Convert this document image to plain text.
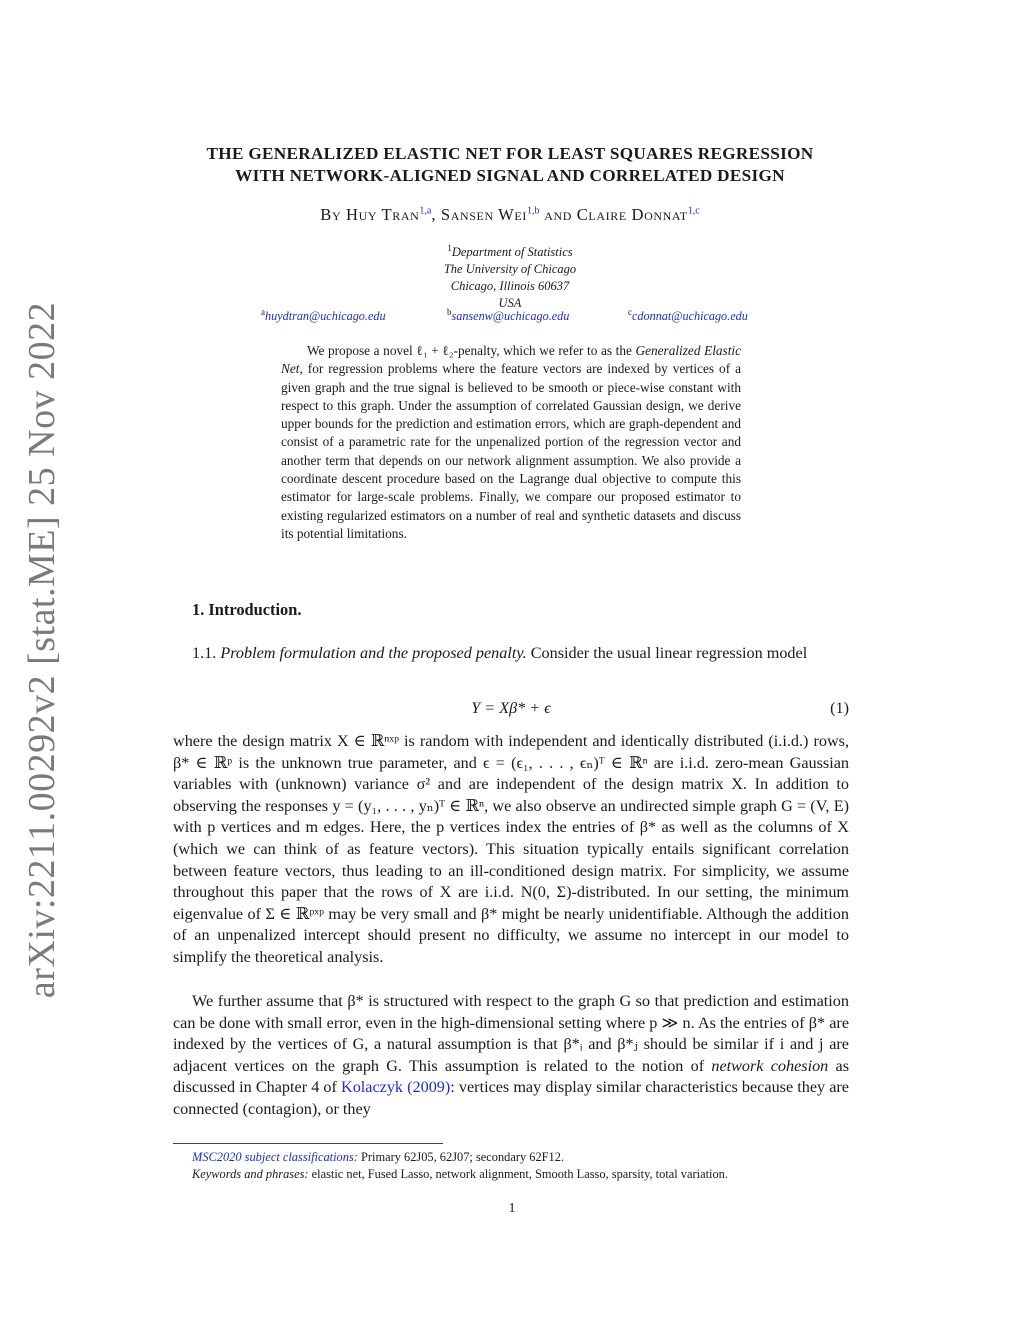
arXiv:2211.00292v2 [stat.ME] 25 Nov 2022
THE GENERALIZED ELASTIC NET FOR LEAST SQUARES REGRESSION
WITH NETWORK-ALIGNED SIGNAL AND CORRELATED DESIGN
By Huy Tran$^{1,a}$, Sansen Wei$^{1,b}$ and Claire Donnat$^{1,c}$
$^1$Department of Statistics
The University of Chicago
Chicago, Illinois 60637
USA
$^a$huydtran@uchicago.edu	$^b$sansenw@uchicago.edu	$^c$cdonnat@uchicago.edu
We propose a novel ℓ₁ + ℓ₂-penalty, which we refer to as the Generalized Elastic Net, for regression problems where the feature vectors are indexed by vertices of a given graph and the true signal is believed to be smooth or piece-wise constant with respect to this graph. Under the assumption of correlated Gaussian design, we derive upper bounds for the prediction and estimation errors, which are graph-dependent and consist of a parametric rate for the unpenalized portion of the regression vector and another term that depends on our network alignment assumption. We also provide a coordinate descent procedure based on the Lagrange dual objective to compute this estimator for large-scale problems. Finally, we compare our proposed estimator to existing regularized estimators on a number of real and synthetic datasets and discuss its potential limitations.
1. Introduction.
1.1. Problem formulation and the proposed penalty. Consider the usual linear regression model
Y = Xβ* + ϵ	(1)
where the design matrix X ∈ ℝⁿˣᵖ is random with independent and identically distributed (i.i.d.) rows, β* ∈ ℝᵖ is the unknown true parameter, and ϵ = (ϵ₁, . . . , ϵₙ)ᵀ ∈ ℝⁿ are i.i.d. zero-mean Gaussian variables with (unknown) variance σ² and are independent of the design matrix X. In addition to observing the responses y = (y₁, . . . , yₙ)ᵀ ∈ ℝⁿ, we also observe an undirected simple graph G = (V, E) with p vertices and m edges. Here, the p vertices index the entries of β* as well as the columns of X (which we can think of as feature vectors). This situation typically entails significant correlation between feature vectors, thus leading to an ill-conditioned design matrix. For simplicity, we assume throughout this paper that the rows of X are i.i.d. N(0, Σ)-distributed. In our setting, the minimum eigenvalue of Σ ∈ ℝᵖˣᵖ may be very small and β* might be nearly unidentifiable. Although the addition of an unpenalized intercept should present no difficulty, we assume no intercept in our model to simplify the theoretical analysis.
We further assume that β* is structured with respect to the graph G so that prediction and estimation can be done with small error, even in the high-dimensional setting where p ≫ n. As the entries of β* are indexed by the vertices of G, a natural assumption is that β*ᵢ and β*ⱼ should be similar if i and j are adjacent vertices on the graph G. This assumption is related to the notion of network cohesion as discussed in Chapter 4 of Kolaczyk (2009): vertices may display similar characteristics because they are connected (contagion), or they
MSC2020 subject classifications: Primary 62J05, 62J07; secondary 62F12.
Keywords and phrases: elastic net, Fused Lasso, network alignment, Smooth Lasso, sparsity, total variation.
1
